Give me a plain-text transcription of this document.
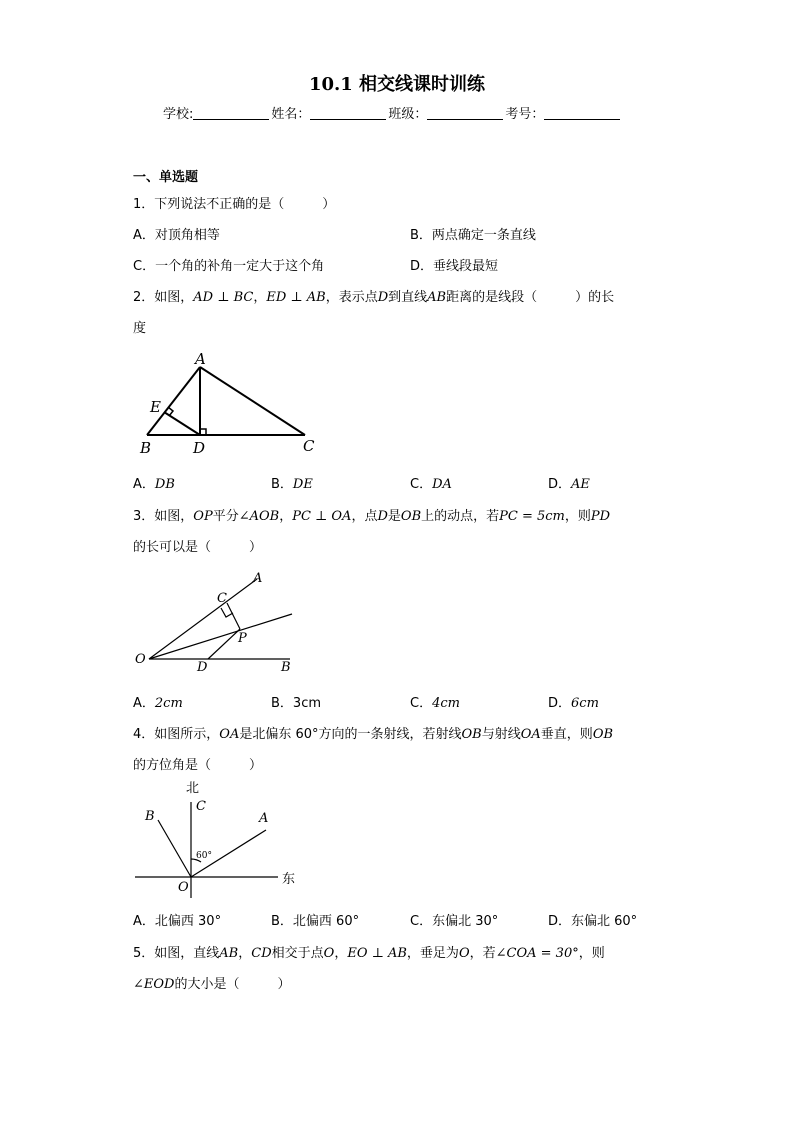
10.1 相交线课时训练
学校:	姓名：	班级：	考号：
一、单选题
1．下列说法不正确的是（	）
A．对顶角相等	B．两点确定一条直线
C．一个角的补角一定大于这个角	D．垂线段最短
2．如图，AD ⊥ BC，ED ⊥ AB，表示点D到直线AB距离的是线段（	）的长
度
A
B	D	C
E
A．DB	B．DE	C．DA	D．AE
3．如图，OP平分∠AOB，PC ⊥ OA，点D是OB上的动点，若PC = 5cm，则PD
的长可以是（	）
A
C
P
O
D	B
A．2cm	B．3cm	C．4cm	D．6cm
4．如图所示，OA是北偏东 60°方向的一条射线，若射线OB与射线OA垂直，则OB
的方位角是（	）
北
东
C
B	A
60°
O
A．北偏西 30°	B．北偏西 60°	C．东偏北 30°	D．东偏北 60°
5．如图，直线AB，CD相交于点O，EO ⊥ AB，垂足为O，若∠COA = 30°，则
∠EOD的大小是（	）
